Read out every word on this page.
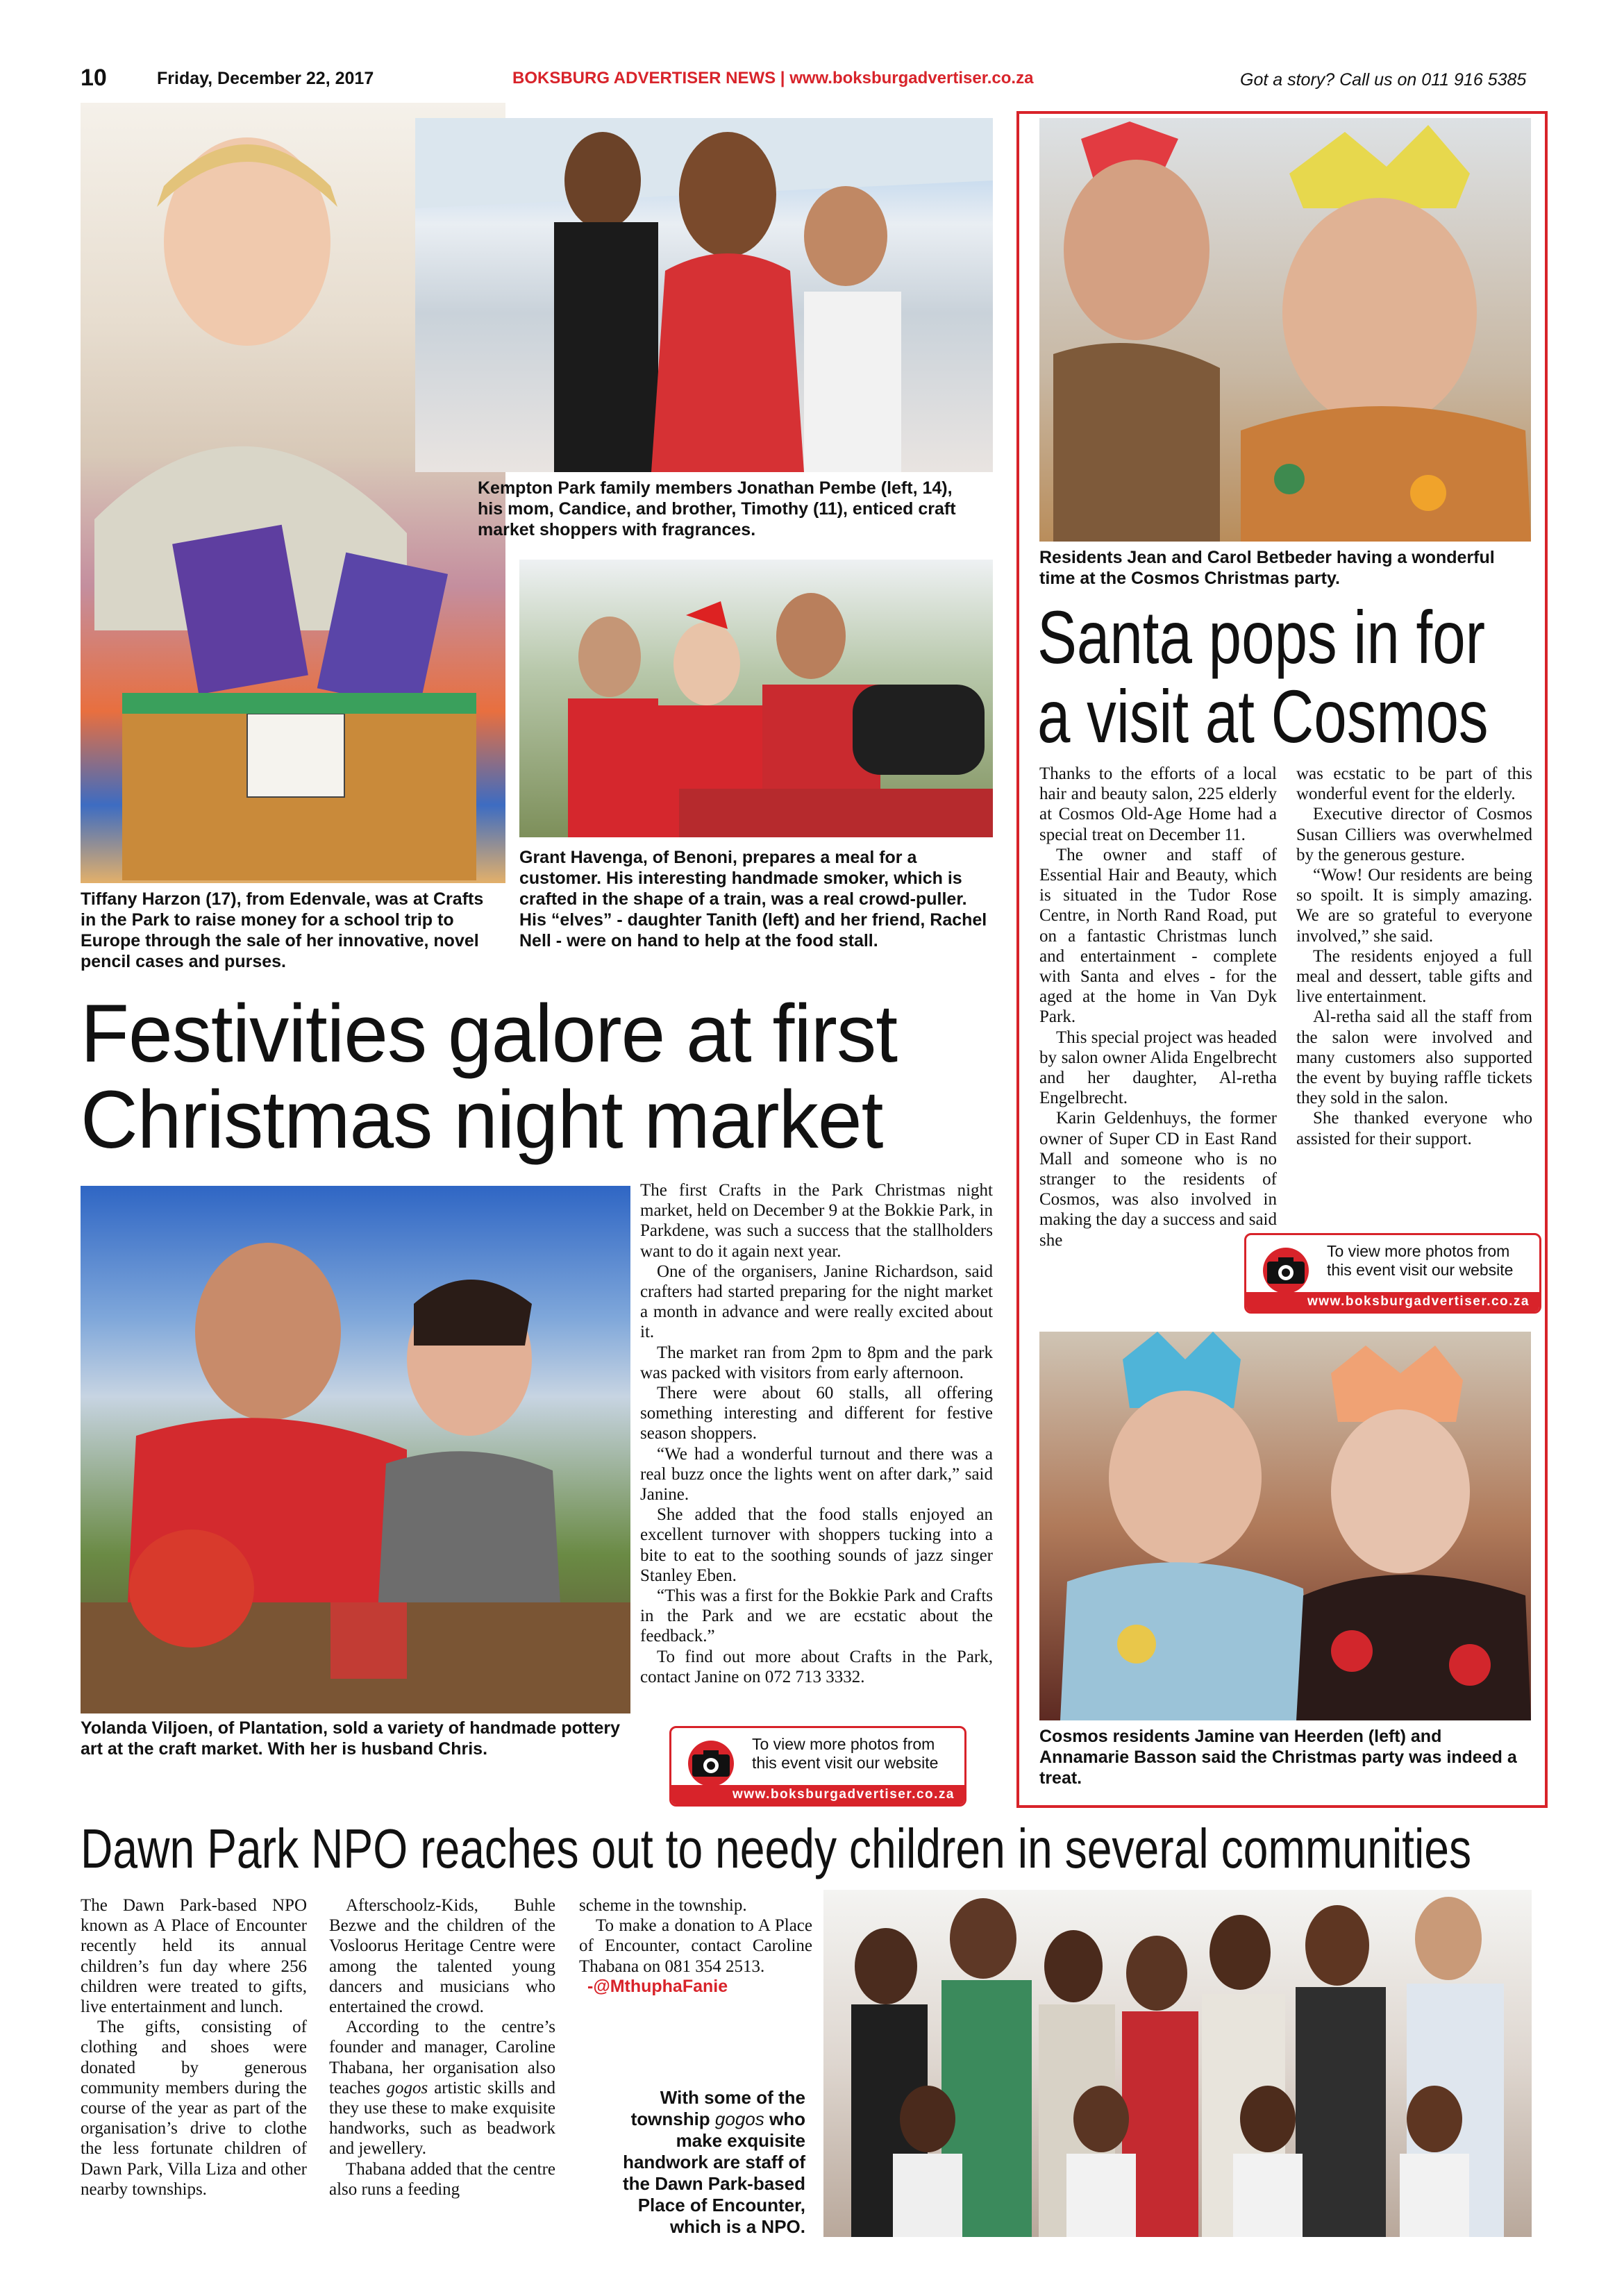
10	Friday, December 22, 2017	BOKSBURG ADVERTISER NEWS | www.boksburgadvertiser.co.za	Got a story? Call us on 011 916 5385
Tiffany Harzon (17), from Edenvale, was at Crafts in the Park to raise money for a school trip to Europe through the sale of her innovative, novel pencil cases and purses.
Kempton Park family members Jonathan Pembe (left, 14), his mom, Candice, and brother, Timothy (11), enticed craft market shoppers with fragrances.
Grant Havenga, of Benoni, prepares a meal for a customer. His interesting handmade smoker, which is crafted in the shape of a train, was a real crowd-puller. His “elves” - daughter Tanith (left) and her friend, Rachel Nell - were on hand to help at the food stall.
Festivities galore at first
Christmas night market
Yolanda Viljoen, of Plantation, sold a variety of handmade pottery art at the craft market. With her is husband Chris.

The first Crafts in the Park Christmas night market, held on December 9 at the Bokkie Park, in Parkdene, was such a success that the stallholders want to do it again next year.

One of the organisers, Janine Richardson, said crafters had started preparing for the night market a month in advance and were really excited about it.

The market ran from 2pm to 8pm and the park was packed with visitors from early afternoon.

There were about 60 stalls, all offering something interesting and different for festive season shoppers.

“We had a wonderful turnout and there was a real buzz once the lights went on after dark,” said Janine.

She added that the food stalls enjoyed an excellent turnover with shoppers tucking into a bite to eat to the soothing sounds of jazz singer Stanley Eben.

“This was a first for the Bokkie Park and Crafts in the Park and we are ecstatic about the feedback.”

To find out more about Crafts in the Park, contact Janine on 072 713 3332.

To view more photos from this event visit our website
www.boksburgadvertiser.co.za
Residents Jean and Carol Betbeder having a wonderful time at the Cosmos Christmas party.
Santa pops in for
a visit at Cosmos

Thanks to the efforts of a local hair and beauty salon, 225 elderly at Cosmos Old-Age Home had a special treat on December 11.

The owner and staff of Essential Hair and Beauty, which is situated in the Tudor Rose Centre, in North Rand Road, put on a fantastic Christmas lunch and entertainment - complete with Santa and elves - for the aged at the home in Van Dyk Park.

This special project was headed by salon owner Alida Engelbrecht and her daughter, Al-retha Engelbrecht.

Karin Geldenhuys, the former owner of Super CD in East Rand Mall and someone who is no stranger to the residents of Cosmos, was also involved in making the day a success and said she

was ecstatic to be part of this wonderful event for the elderly.

Executive director of Cosmos Susan Cilliers was overwhelmed by the generous gesture.

“Wow! Our residents are being so spoilt. It is simply amazing. We are so grateful to everyone involved,” she said.

The residents enjoyed a full meal and dessert, table gifts and live entertainment.

Al-retha said all the staff from the salon were involved and many customers also supported the event by buying raffle tickets they sold in the salon.

She thanked everyone who assisted for their support.

To view more photos from this event visit our website
www.boksburgadvertiser.co.za
Cosmos residents Jamine van Heerden (left) and Annamarie Basson said the Christmas party was indeed a treat.
Dawn Park NPO reaches out to needy children in several communities

The Dawn Park-based NPO known as A Place of Encounter recently held its annual children’s fun day where 256 children were treated to gifts, live entertainment and lunch.

The gifts, consisting of clothing and shoes were donated by generous community members during the course of the year as part of the organisation’s drive to clothe the less fortunate children of Dawn Park, Villa Liza and other nearby townships.

Afterschoolz-Kids, Buhle Bezwe and the children of the Vosloorus Heritage Centre were among the talented young dancers and musicians who entertained the crowd.

According to the centre’s founder and manager, Caroline Thabana, her organisation also teaches gogos artistic skills and they use these to make exquisite handworks, such as beadwork and jewellery.

Thabana added that the centre also runs a feeding

scheme in the township.

To make a donation to A Place of Encounter, contact Caroline Thabana on 081 354 2513.

-@MthuphaFanie

With some of the township gogos who make exquisite handwork are staff of the Dawn Park-based Place of Encounter, which is a NPO.
